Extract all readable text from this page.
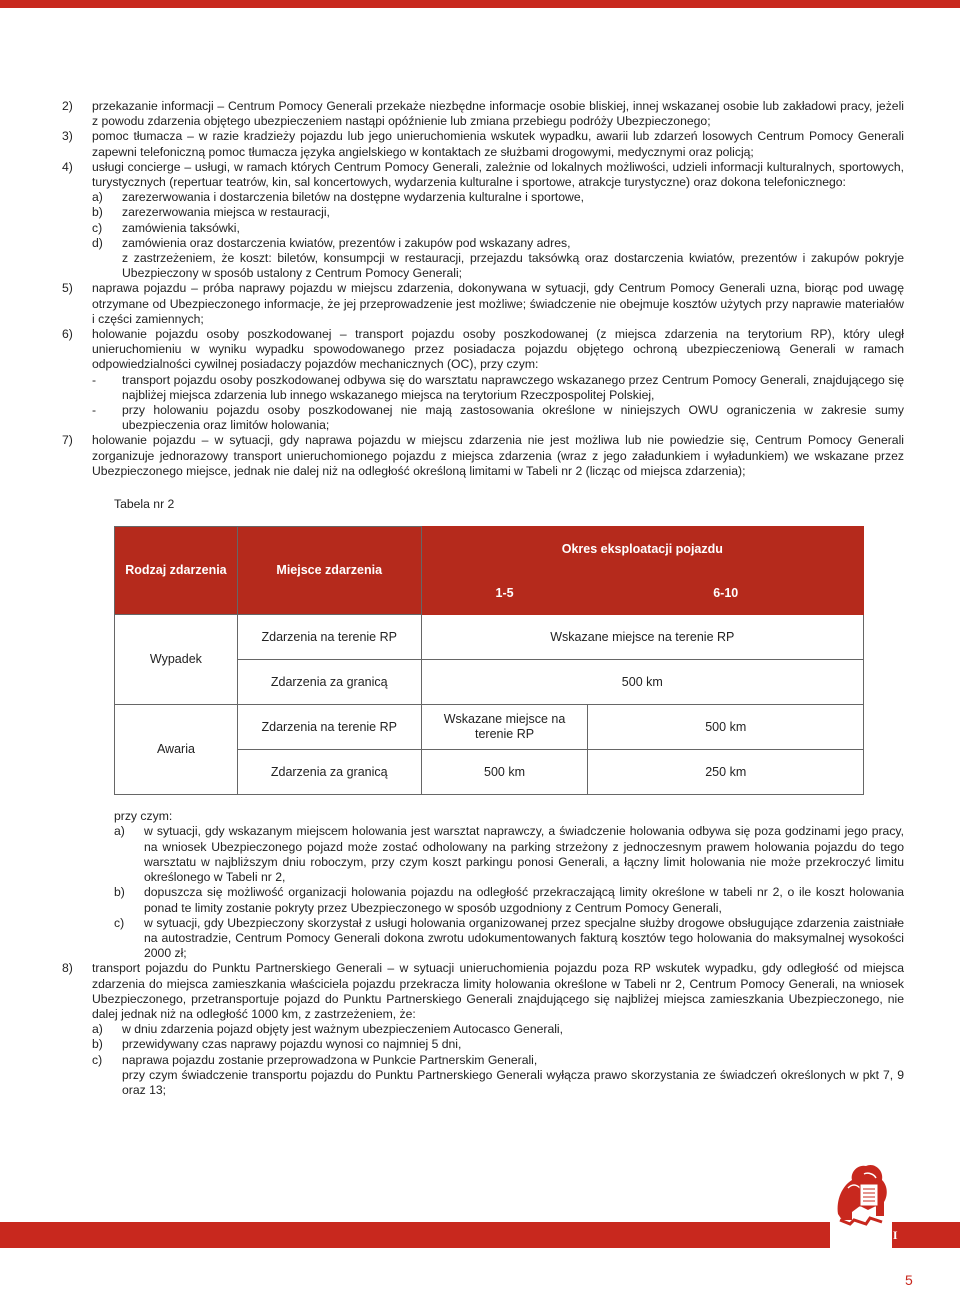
2) przekazanie informacji – Centrum Pomocy Generali przekaże niezbędne informacje osobie bliskiej, innej wskazanej osobie lub zakładowi pracy, jeżeli z powodu zdarzenia objętego ubezpieczeniem nastąpi opóźnienie lub zmiana przebiegu podróży Ubezpieczonego;
3) pomoc tłumacza – w razie kradzieży pojazdu lub jego unieruchomienia wskutek wypadku, awarii lub zdarzeń losowych Centrum Pomocy Generali zapewni telefoniczną pomoc tłumacza języka angielskiego w kontaktach ze służbami drogowymi, medycznymi oraz policją;
4) usługi concierge – usługi, w ramach których Centrum Pomocy Generali, zależnie od lokalnych możliwości, udzieli informacji kulturalnych, sportowych, turystycznych (repertuar teatrów, kin, sal koncertowych, wydarzenia kulturalne i sportowe, atrakcje turystyczne) oraz dokona telefonicznego:
a) zarezerwowania i dostarczenia biletów na dostępne wydarzenia kulturalne i sportowe,
b) zarezerwowania miejsca w restauracji,
c) zamówienia taksówki,
d) zamówienia oraz dostarczenia kwiatów, prezentów i zakupów pod wskazany adres,
z zastrzeżeniem, że koszt: biletów, konsumpcji w restauracji, przejazdu taksówką oraz dostarczenia kwiatów, prezentów i zakupów pokryje Ubezpieczony w sposób ustalony z Centrum Pomocy Generali;
5) naprawa pojazdu – próba naprawy pojazdu w miejscu zdarzenia, dokonywana w sytuacji, gdy Centrum Pomocy Generali uzna, biorąc pod uwagę otrzymane od Ubezpieczonego informacje, że jej przeprowadzenie jest możliwe; świadczenie nie obejmuje kosztów użytych przy naprawie materiałów i części zamiennych;
6) holowanie pojazdu osoby poszkodowanej – transport pojazdu osoby poszkodowanej (z miejsca zdarzenia na terytorium RP), który uległ unieruchomieniu w wyniku wypadku spowodowanego przez posiadacza pojazdu objętego ochroną ubezpieczeniową Generali w ramach odpowiedzialności cywilnej posiadaczy pojazdów mechanicznych (OC), przy czym:
- transport pojazdu osoby poszkodowanej odbywa się do warsztatu naprawczego wskazanego przez Centrum Pomocy Generali, znajdującego się najbliżej miejsca zdarzenia lub innego wskazanego miejsca na terytorium Rzeczpospolitej Polskiej,
- przy holowaniu pojazdu osoby poszkodowanej nie mają zastosowania określone w niniejszych OWU ograniczenia w zakresie sumy ubezpieczenia oraz limitów holowania;
7) holowanie pojazdu – w sytuacji, gdy naprawa pojazdu w miejscu zdarzenia nie jest możliwa lub nie powiedzie się, Centrum Pomocy Generali zorganizuje jednorazowy transport unieruchomionego pojazdu z miejsca zdarzenia (wraz z jego załadunkiem i wyładunkiem) we wskazane przez Ubezpieczonego miejsce, jednak nie dalej niż na odległość określoną limitami w Tabeli nr 2 (licząc od miejsca zdarzenia);
Tabela nr 2
Rodzaj zdarzenia	Miejsce zdarzenia	Okres eksploatacji pojazdu	
		1-5	6-10
Wypadek	Zdarzenia na terenie RP	Wskazane miejsce na terenie RP	
	Zdarzenia za granicą	500 km	
Awaria	Zdarzenia na terenie RP	Wskazane miejsce na terenie RP	500 km
	Zdarzenia za granicą	500 km	250 km
przy czym:
a) w sytuacji, gdy wskazanym miejscem holowania jest warsztat naprawczy, a świadczenie holowania odbywa się poza godzinami jego pracy, na wniosek Ubezpieczonego pojazd może zostać odholowany na parking strzeżony z jednoczesnym prawem holowania pojazdu do tego warsztatu w najbliższym dniu roboczym, przy czym koszt parkingu ponosi Generali, a łączny limit holowania nie może przekroczyć limitu określonego w Tabeli nr 2,
b) dopuszcza się możliwość organizacji holowania pojazdu na odległość przekraczającą limity określone w tabeli nr 2, o ile koszt holowania ponad te limity zostanie pokryty przez Ubezpieczonego w sposób uzgodniony z Centrum Pomocy Generali,
c) w sytuacji, gdy Ubezpieczony skorzystał z usługi holowania organizowanej przez specjalne służby drogowe obsługujące zdarzenia zaistniałe na autostradzie, Centrum Pomocy Generali dokona zwrotu udokumentowanych fakturą kosztów tego holowania do maksymalnej wysokości 2000 zł;
8) transport pojazdu do Punktu Partnerskiego Generali – w sytuacji unieruchomienia pojazdu poza RP wskutek wypadku, gdy odległość od miejsca zdarzenia do miejsca zamieszkania właściciela pojazdu przekracza limity holowania określone w Tabeli nr 2, Centrum Pomocy Generali, na wniosek Ubezpieczonego, przetransportuje pojazd do Punktu Partnerskiego Generali znajdującego się najbliżej miejsca zamieszkania Ubezpieczonego, nie dalej jednak niż na odległość 1000 km, z zastrzeżeniem, że:
a) w dniu zdarzenia pojazd objęty jest ważnym ubezpieczeniem Autocasco Generali,
b) przewidywany czas naprawy pojazdu wynosi co najmniej 5 dni,
c) naprawa pojazdu zostanie przeprowadzona w Punkcie Partnerskim Generali,
przy czym świadczenie transportu pojazdu do Punktu Partnerskiego Generali wyłącza prawo skorzystania ze świadczeń określonych w pkt 7, 9 oraz 13;
GENERALI
GROUP
5
